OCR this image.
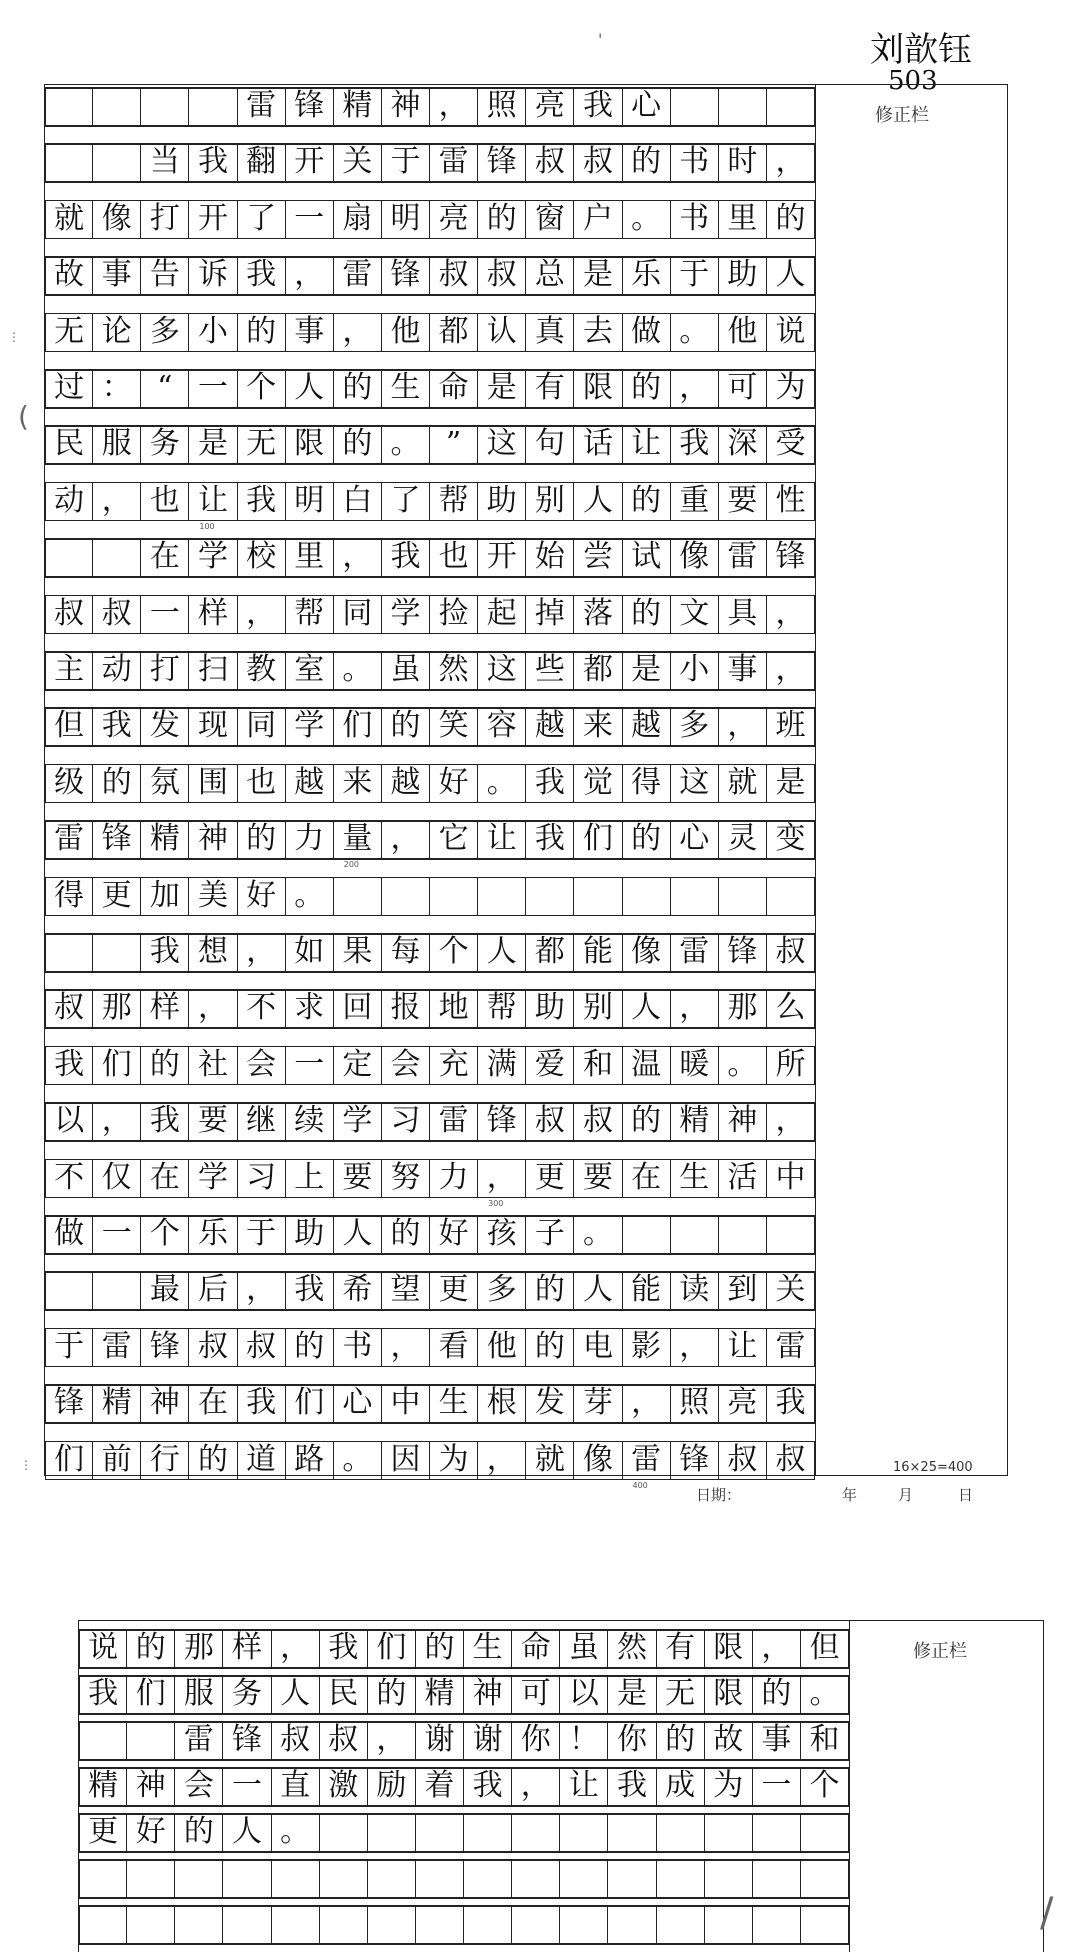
刘歆钰
503
'
修正栏
雷 锋 精 神 ， 照 亮 我 心
当 我 翻 开 关 于 雷 锋 叔 叔 的 书 时 ，
就 像 打 开 了 一 扇 明 亮 的 窗 户 。 书 里 的
故 事 告 诉 我 ， 雷 锋 叔 叔 总 是 乐 于 助 人
无 论 多 小 的 事 ， 他 都 认 真 去 做 。 他 说
过 ： “ 一 个 人 的 生 命 是 有 限 的 ， 可 为
民 服 务 是 无 限 的 。 ” 这 句 话 让 我 深 受
动 ， 也 让 我 明 白 了 帮 助 别 人 的 重 要 性
在 学 校 里 ， 我 也 开 始 尝 试 像 雷 锋
叔 叔 一 样 ， 帮 同 学 捡 起 掉 落 的 文 具 ，
主 动 打 扫 教 室 。 虽 然 这 些 都 是 小 事 ，
但 我 发 现 同 学 们 的 笑 容 越 来 越 多 ， 班
级 的 氛 围 也 越 来 越 好 。 我 觉 得 这 就 是
雷 锋 精 神 的 力 量 ， 它 让 我 们 的 心 灵 变
得 更 加 美 好 。
我 想 ， 如 果 每 个 人 都 能 像 雷 锋 叔
叔 那 样 ， 不 求 回 报 地 帮 助 别 人 ， 那 么
我 们 的 社 会 一 定 会 充 满 爱 和 温 暖 。 所
以 ， 我 要 继 续 学 习 雷 锋 叔 叔 的 精 神 ，
不 仅 在 学 习 上 要 努 力 ， 更 要 在 生 活 中
做 一 个 乐 于 助 人 的 好 孩 子 。
最 后 ， 我 希 望 更 多 的 人 能 读 到 关
于 雷 锋 叔 叔 的 书 ， 看 他 的 电 影 ， 让 雷
锋 精 神 在 我 们 心 中 生 根 发 芽 ， 照 亮 我
们 前 行 的 道 路 。 因 为 ， 就 像 雷 锋 叔 叔
100
200
300
400
16×25=400
日期：	年	月	日
修正栏
说 的 那 样 ， 我 们 的 生 命 虽 然 有 限 ， 但
我 们 服 务 人 民 的 精 神 可 以 是 无 限 的 。
雷 锋 叔 叔 ， 谢 谢 你 ！ 你 的 故 事 和
精 神 会 一 直 激 励 着 我 ， 让 我 成 为 一 个
更 好 的 人 。
⋮
(
⋮
/
